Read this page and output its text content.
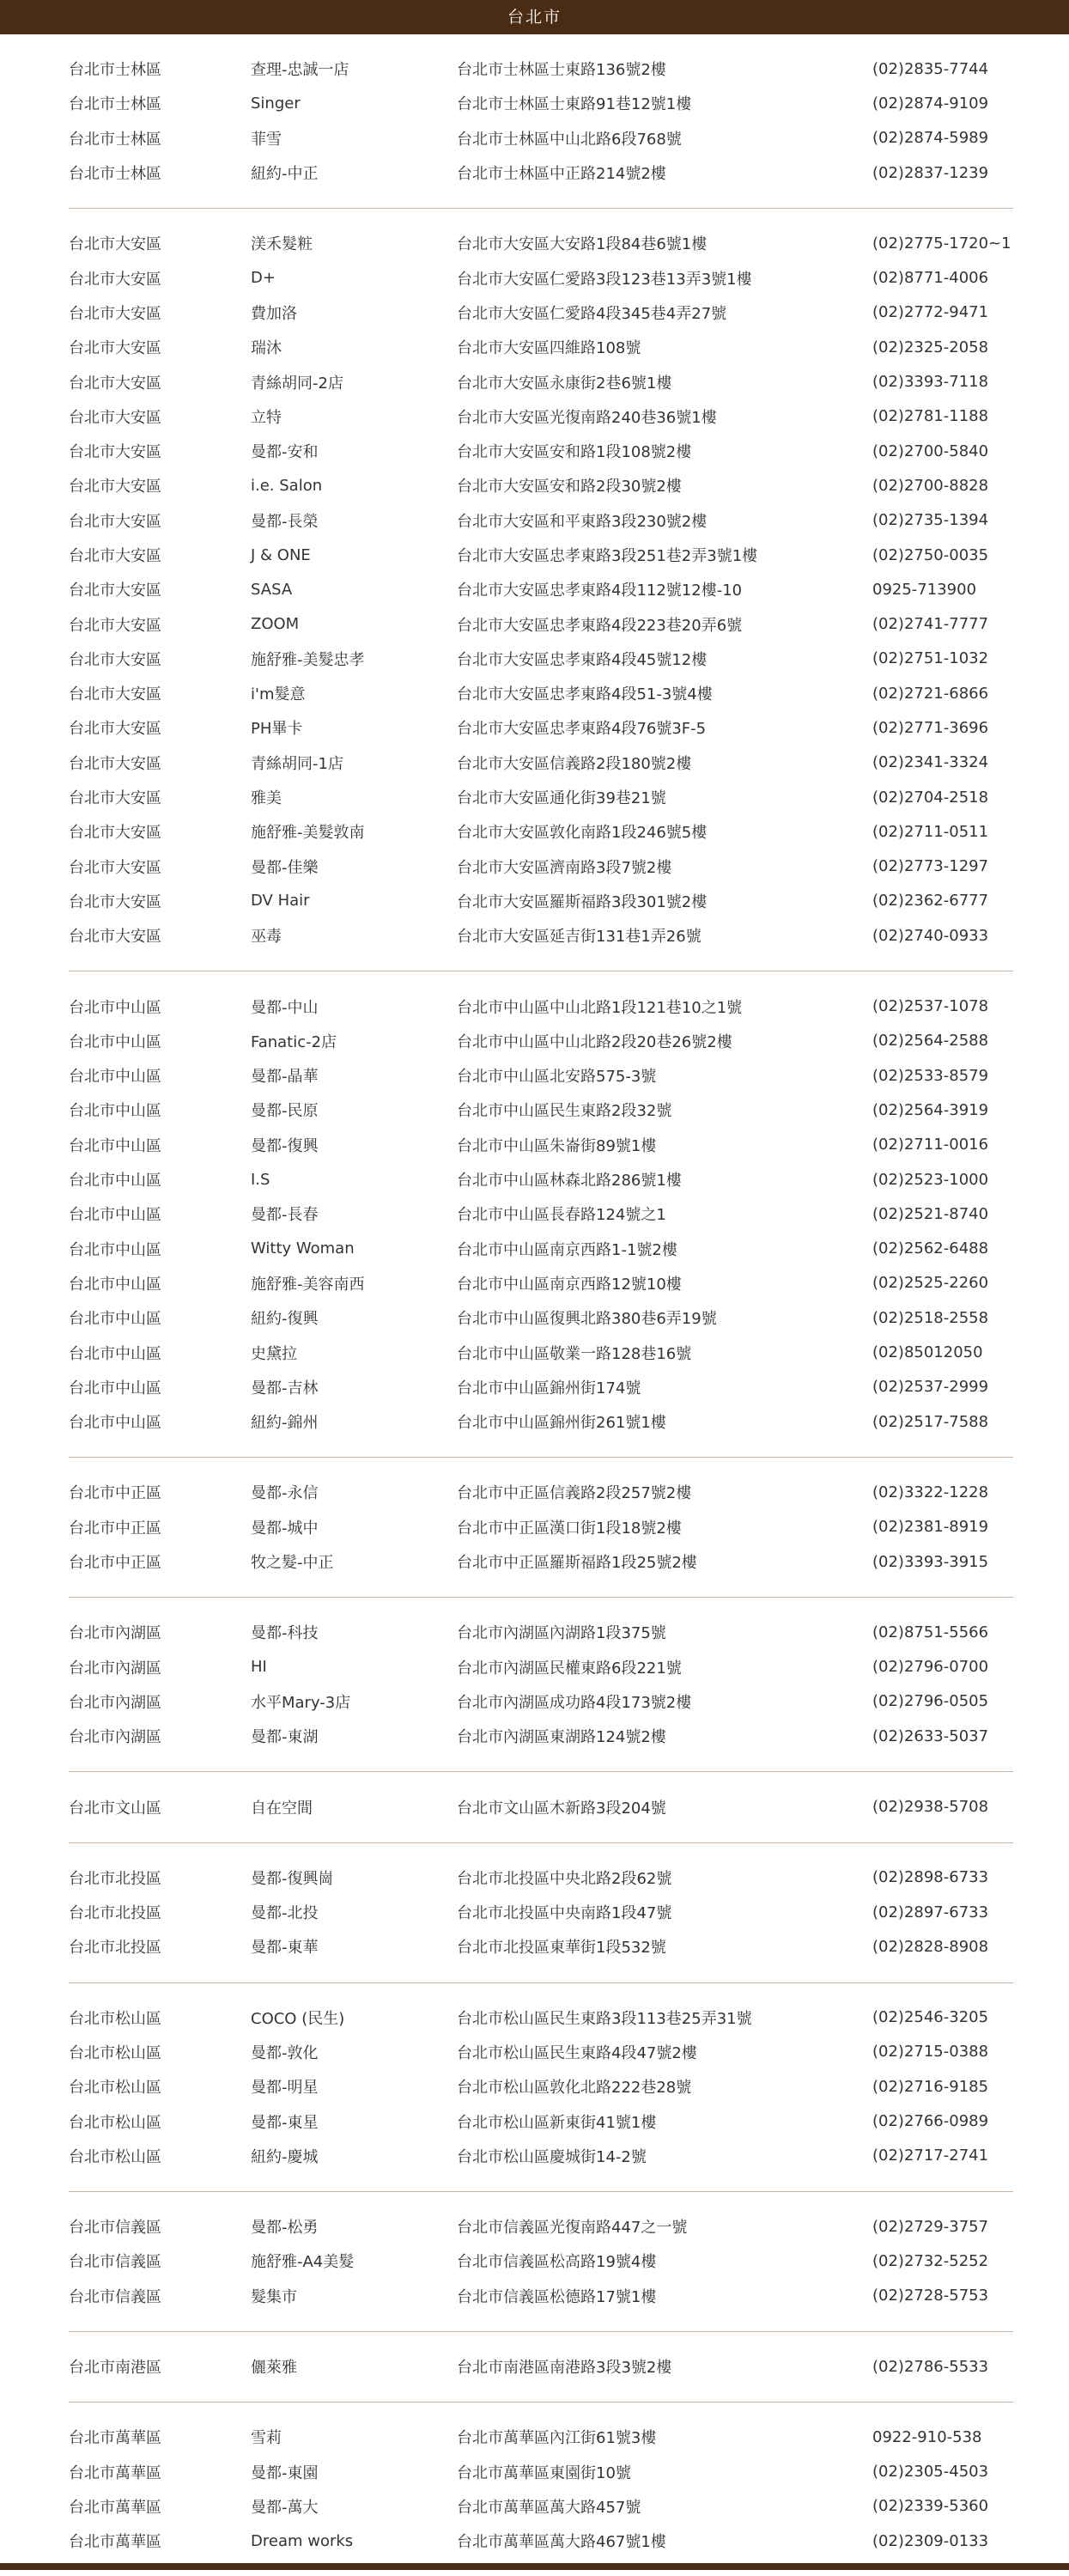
台北市
台北市士林區	查理-忠誠一店	台北市士林區士東路136號2樓	(02)2835-7744
台北市士林區	Singer	台北市士林區士東路91巷12號1樓	(02)2874-9109
台北市士林區	菲雪	台北市士林區中山北路6段768號	(02)2874-5989
台北市士林區	紐約-中正	台北市士林區中正路214號2樓	(02)2837-1239
台北市大安區	渼禾髮粧	台北市大安區大安路1段84巷6號1樓	(02)2775-1720~1
台北市大安區	D+	台北市大安區仁愛路3段123巷13弄3號1樓	(02)8771-4006
台北市大安區	費加洛	台北市大安區仁愛路4段345巷4弄27號	(02)2772-9471
台北市大安區	瑞沐	台北市大安區四維路108號	(02)2325-2058
台北市大安區	青絲胡同-2店	台北市大安區永康街2巷6號1樓	(02)3393-7118
台北市大安區	立特	台北市大安區光復南路240巷36號1樓	(02)2781-1188
台北市大安區	曼都-安和	台北市大安區安和路1段108號2樓	(02)2700-5840
台北市大安區	i.e. Salon	台北市大安區安和路2段30號2樓	(02)2700-8828
台北市大安區	曼都-長榮	台北市大安區和平東路3段230號2樓	(02)2735-1394
台北市大安區	J & ONE	台北市大安區忠孝東路3段251巷2弄3號1樓	(02)2750-0035
台北市大安區	SASA	台北市大安區忠孝東路4段112號12樓-10	0925-713900
台北市大安區	ZOOM	台北市大安區忠孝東路4段223巷20弄6號	(02)2741-7777
台北市大安區	施舒雅-美髮忠孝	台北市大安區忠孝東路4段45號12樓	(02)2751-1032
台北市大安區	i'm髮意	台北市大安區忠孝東路4段51-3號4樓	(02)2721-6866
台北市大安區	PH畢卡	台北市大安區忠孝東路4段76號3F-5	(02)2771-3696
台北市大安區	青絲胡同-1店	台北市大安區信義路2段180號2樓	(02)2341-3324
台北市大安區	雅美	台北市大安區通化街39巷21號	(02)2704-2518
台北市大安區	施舒雅-美髮敦南	台北市大安區敦化南路1段246號5樓	(02)2711-0511
台北市大安區	曼都-佳樂	台北市大安區濟南路3段7號2樓	(02)2773-1297
台北市大安區	DV Hair	台北市大安區羅斯福路3段301號2樓	(02)2362-6777
台北市大安區	巫毒	台北市大安區延吉街131巷1弄26號	(02)2740-0933
台北市中山區	曼都-中山	台北市中山區中山北路1段121巷10之1號	(02)2537-1078
台北市中山區	Fanatic-2店	台北市中山區中山北路2段20巷26號2樓	(02)2564-2588
台北市中山區	曼都-晶華	台北市中山區北安路575-3號	(02)2533-8579
台北市中山區	曼都-民原	台北市中山區民生東路2段32號	(02)2564-3919
台北市中山區	曼都-復興	台北市中山區朱崙街89號1樓	(02)2711-0016
台北市中山區	I.S	台北市中山區林森北路286號1樓	(02)2523-1000
台北市中山區	曼都-長春	台北市中山區長春路124號之1	(02)2521-8740
台北市中山區	Witty Woman	台北市中山區南京西路1-1號2樓	(02)2562-6488
台北市中山區	施舒雅-美容南西	台北市中山區南京西路12號10樓	(02)2525-2260
台北市中山區	紐約-復興	台北市中山區復興北路380巷6弄19號	(02)2518-2558
台北市中山區	史黛拉	台北市中山區敬業一路128巷16號	(02)85012050
台北市中山區	曼都-吉林	台北市中山區錦州街174號	(02)2537-2999
台北市中山區	紐約-錦州	台北市中山區錦州街261號1樓	(02)2517-7588
台北市中正區	曼都-永信	台北市中正區信義路2段257號2樓	(02)3322-1228
台北市中正區	曼都-城中	台北市中正區漢口街1段18號2樓	(02)2381-8919
台北市中正區	牧之髮-中正	台北市中正區羅斯福路1段25號2樓	(02)3393-3915
台北市內湖區	曼都-科技	台北市內湖區內湖路1段375號	(02)8751-5566
台北市內湖區	HI	台北市內湖區民權東路6段221號	(02)2796-0700
台北市內湖區	水平Mary-3店	台北市內湖區成功路4段173號2樓	(02)2796-0505
台北市內湖區	曼都-東湖	台北市內湖區東湖路124號2樓	(02)2633-5037
台北市文山區	自在空間	台北市文山區木新路3段204號	(02)2938-5708
台北市北投區	曼都-復興崗	台北市北投區中央北路2段62號	(02)2898-6733
台北市北投區	曼都-北投	台北市北投區中央南路1段47號	(02)2897-6733
台北市北投區	曼都-東華	台北市北投區東華街1段532號	(02)2828-8908
台北市松山區	COCO (民生)	台北市松山區民生東路3段113巷25弄31號	(02)2546-3205
台北市松山區	曼都-敦化	台北市松山區民生東路4段47號2樓	(02)2715-0388
台北市松山區	曼都-明星	台北市松山區敦化北路222巷28號	(02)2716-9185
台北市松山區	曼都-東星	台北市松山區新東街41號1樓	(02)2766-0989
台北市松山區	紐約-慶城	台北市松山區慶城街14-2號	(02)2717-2741
台北市信義區	曼都-松勇	台北市信義區光復南路447之一號	(02)2729-3757
台北市信義區	施舒雅-A4美髮	台北市信義區松高路19號4樓	(02)2732-5252
台北市信義區	髮集市	台北市信義區松德路17號1樓	(02)2728-5753
台北市南港區	儷萊雅	台北市南港區南港路3段3號2樓	(02)2786-5533
台北市萬華區	雪莉	台北市萬華區內江街61號3樓	0922-910-538
台北市萬華區	曼都-東園	台北市萬華區東園街10號	(02)2305-4503
台北市萬華區	曼都-萬大	台北市萬華區萬大路457號	(02)2339-5360
台北市萬華區	Dream works	台北市萬華區萬大路467號1樓	(02)2309-0133
